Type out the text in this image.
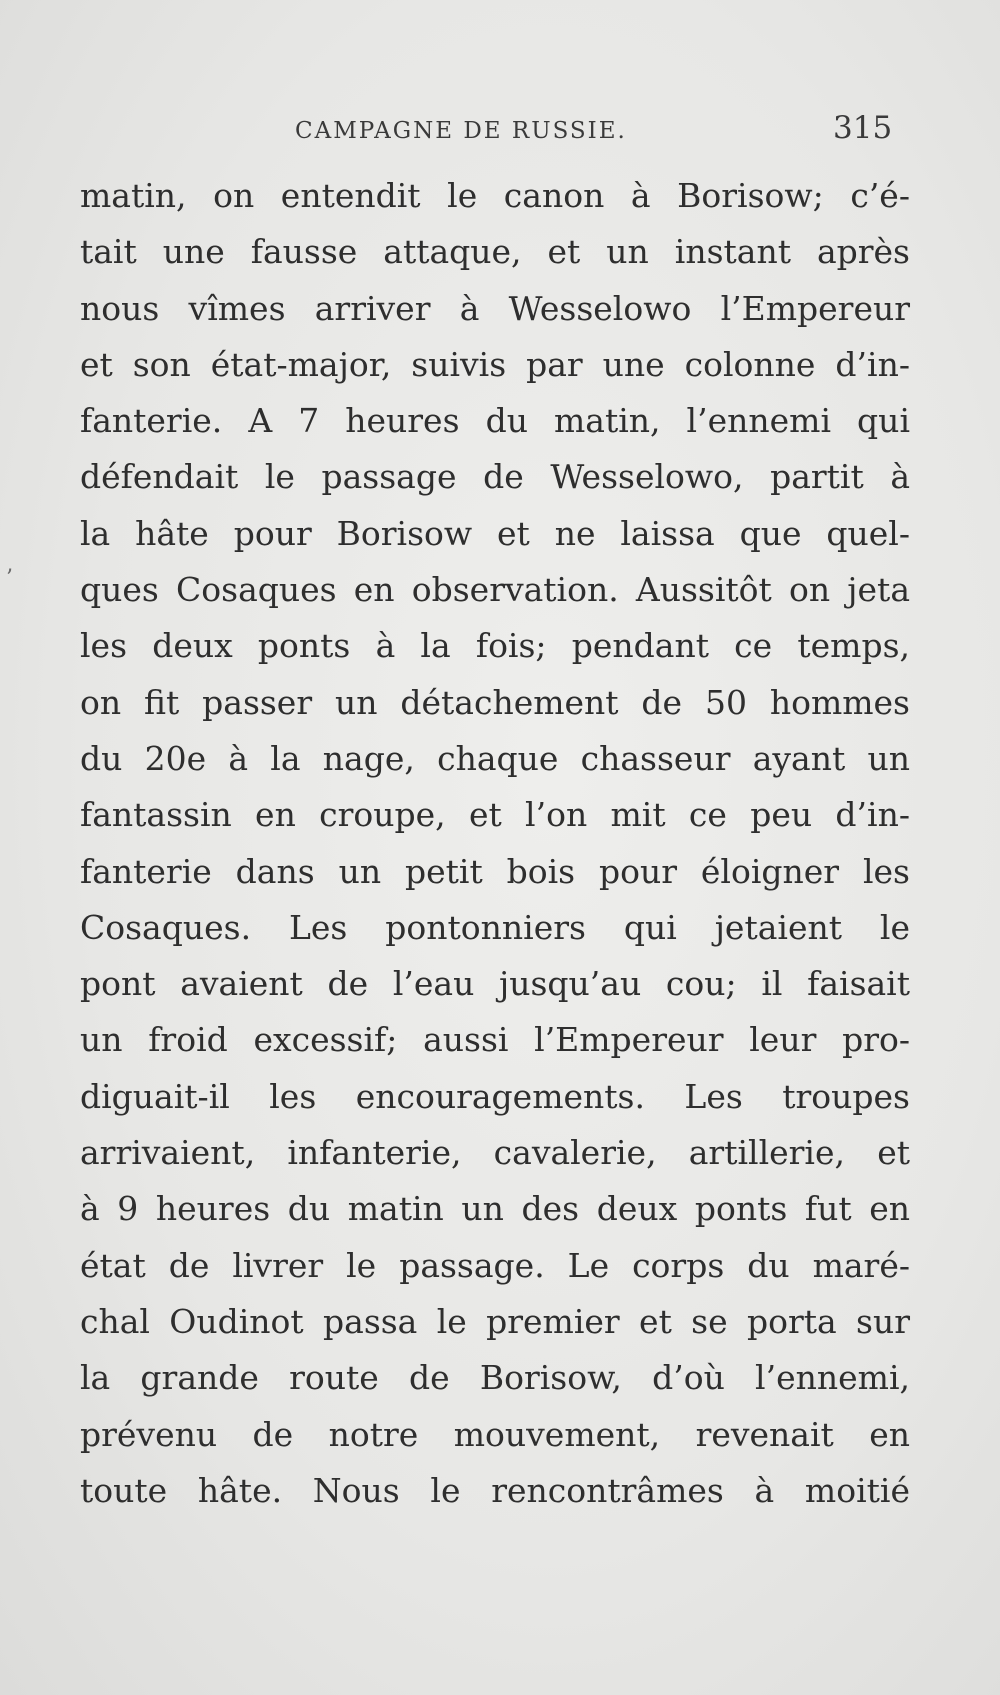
CAMPAGNE DE RUSSIE.	315
’
matin, on entendit le canon à Borisow; c’é-
tait une fausse attaque, et un instant après
nous vîmes arriver à Wesselowo l’Empereur
et son état-major, suivis par une colonne d’in-
fanterie. A 7 heures du matin, l’ennemi qui
défendait le passage de Wesselowo, partit à
la hâte pour Borisow et ne laissa que quel-
ques Cosaques en observation. Aussitôt on jeta
les deux ponts à la fois; pendant ce temps,
on fit passer un détachement de 50 hommes
du 20e à la nage, chaque chasseur ayant un
fantassin en croupe, et l’on mit ce peu d’in-
fanterie dans un petit bois pour éloigner les
Cosaques. Les pontonniers qui jetaient le
pont avaient de l’eau jusqu’au cou; il faisait
un froid excessif; aussi l’Empereur leur pro-
diguait-il les encouragements. Les troupes
arrivaient, infanterie, cavalerie, artillerie, et
à 9 heures du matin un des deux ponts fut en
état de livrer le passage. Le corps du maré-
chal Oudinot passa le premier et se porta sur
la grande route de Borisow, d’où l’ennemi,
prévenu de notre mouvement, revenait en
toute hâte. Nous le rencontrâmes à moitié
